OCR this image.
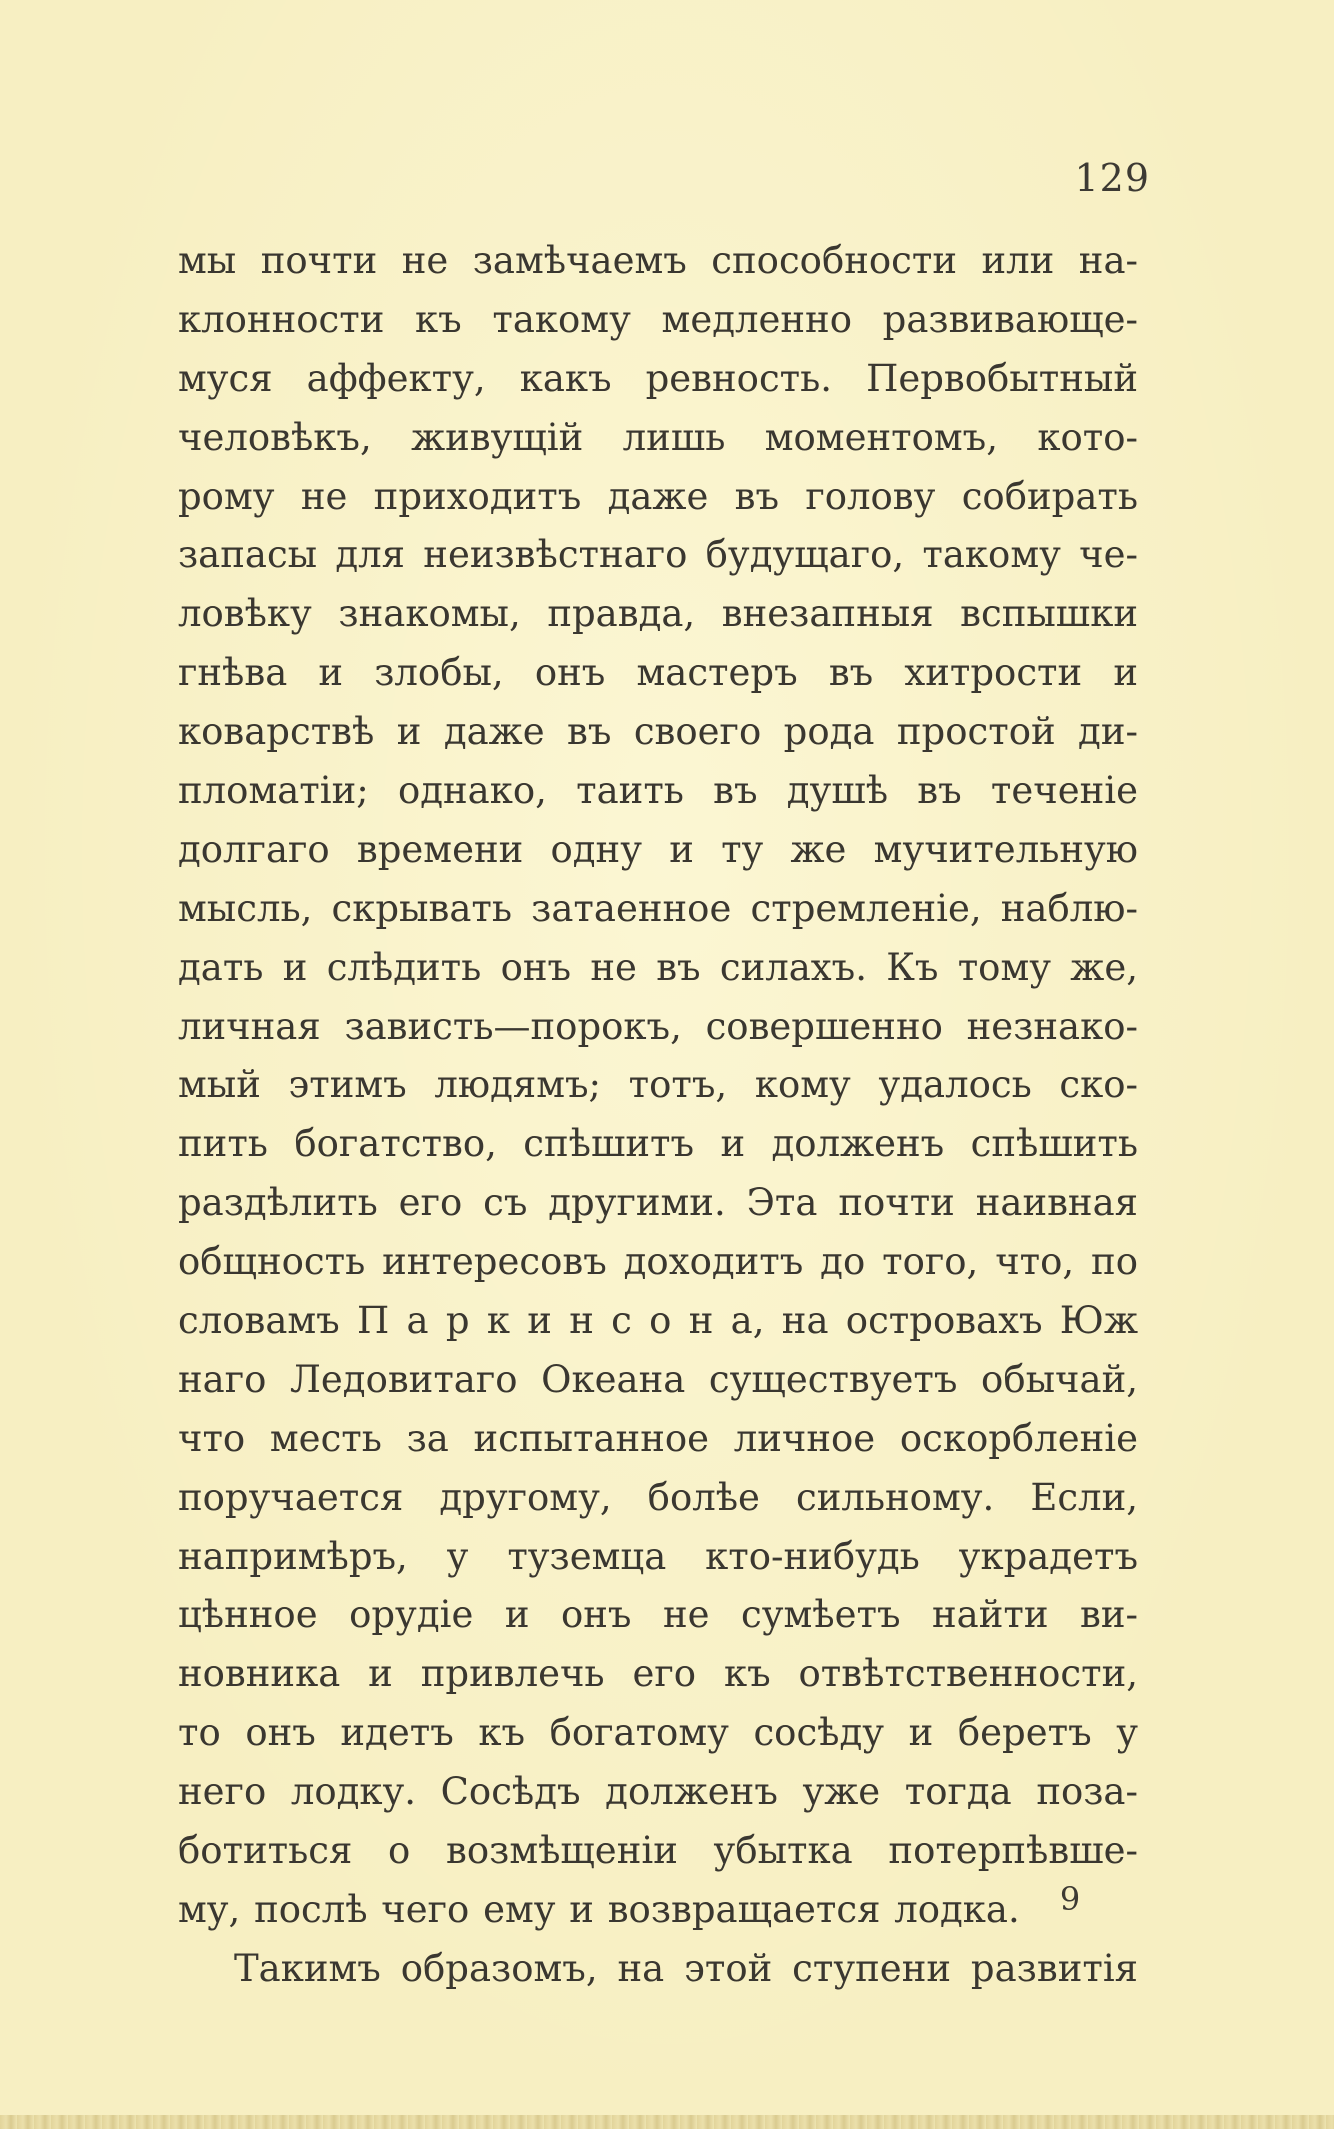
129
мы почти не замѣчаемъ способности или на-
клонности къ такому медленно развивающе-
муся аффекту, какъ ревность. Первобытный
человѣкъ, живущій лишь моментомъ, кото-
рому не приходитъ даже въ голову собирать
запасы для неизвѣстнаго будущаго, такому че-
ловѣку знакомы, правда, внезапныя вспышки
гнѣва и злобы, онъ мастеръ въ хитрости и
коварствѣ и даже въ своего рода простой ди-
пломатіи; однако, таить въ душѣ въ теченіе
долгаго времени одну и ту же мучительную
мысль, скрывать затаенное стремленіе, наблю-
дать и слѣдить онъ не въ силахъ. Къ тому же,
личная зависть—порокъ, совершенно незнако-
мый этимъ людямъ; тотъ, кому удалось ско-
пить богатство, спѣшитъ и долженъ спѣшить
раздѣлить его съ другими. Эта почти наивная
общность интересовъ доходитъ до того, что, по
словамъ П а р к и н с о н а, на островахъ Юж
наго Ледовитаго Океана существуетъ обычай,
что месть за испытанное личное оскорбленіе
поручается другому, болѣе сильному. Если,
напримѣръ, у туземца кто-нибудь украдетъ
цѣнное орудіе и онъ не сумѣетъ найти ви-
новника и привлечь его къ отвѣтственности,
то онъ идетъ къ богатому сосѣду и беретъ у
него лодку. Сосѣдъ долженъ уже тогда поза-
ботиться о возмѣщеніи убытка потерпѣвше-
му, послѣ чего ему и возвращается лодка.
Такимъ образомъ, на этой ступени развитія
9
